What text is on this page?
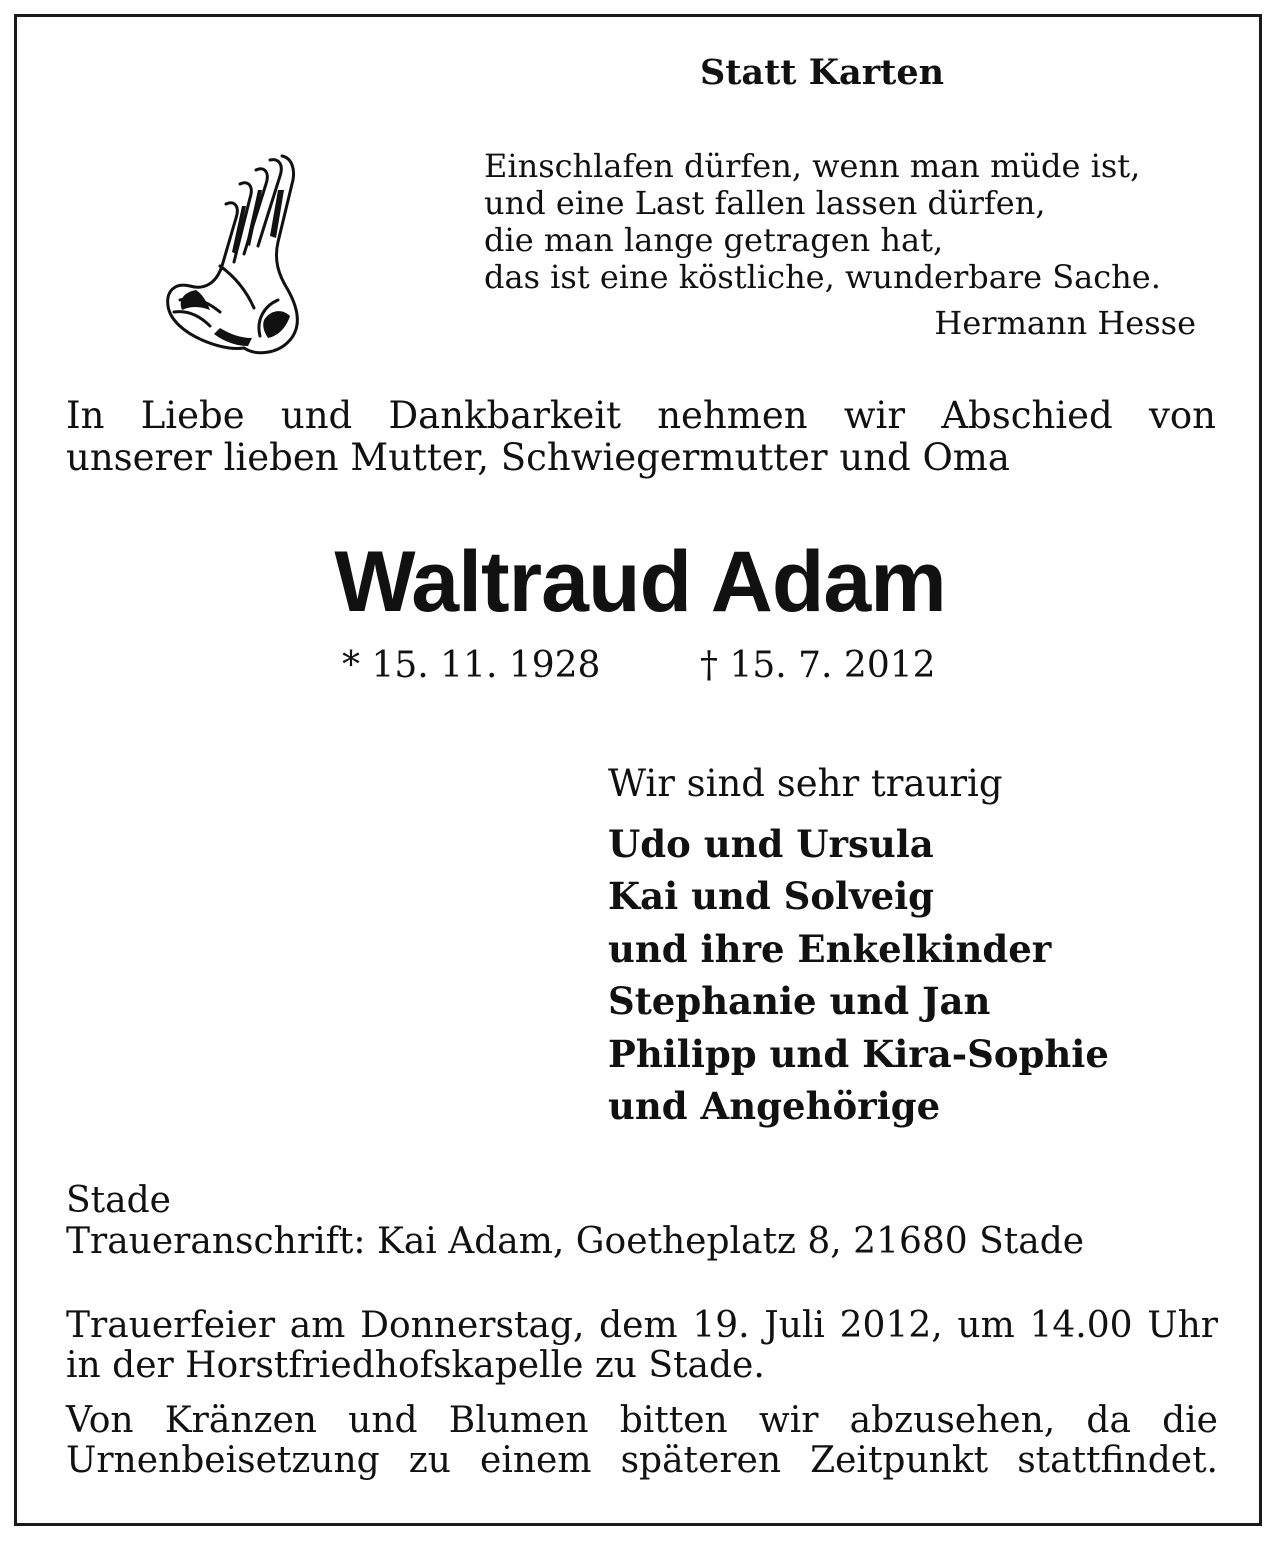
Statt Karten
Einschlafen dürfen, wenn man müde ist,
und eine Last fallen lassen dürfen,
die man lange getragen hat,
das ist eine köstliche, wunderbare Sache.
Hermann Hesse
In Liebe und Dankbarkeit nehmen wir Abschied von
unserer lieben Mutter, Schwiegermutter und Oma
Waltraud Adam
* 15. 11. 1928	† 15. 7. 2012
Wir sind sehr traurig
Udo und Ursula
Kai und Solveig
und ihre Enkelkinder
Stephanie und Jan
Philipp und Kira-Sophie
und Angehörige
Stade
Traueranschrift: Kai Adam, Goetheplatz 8, 21680 Stade
Trauerfeier am Donnerstag, dem 19. Juli 2012, um 14.00 Uhr
in der Horstfriedhofskapelle zu Stade.
Von Kränzen und Blumen bitten wir abzusehen, da die
Urnenbeisetzung zu einem späteren Zeitpunkt stattfindet.
